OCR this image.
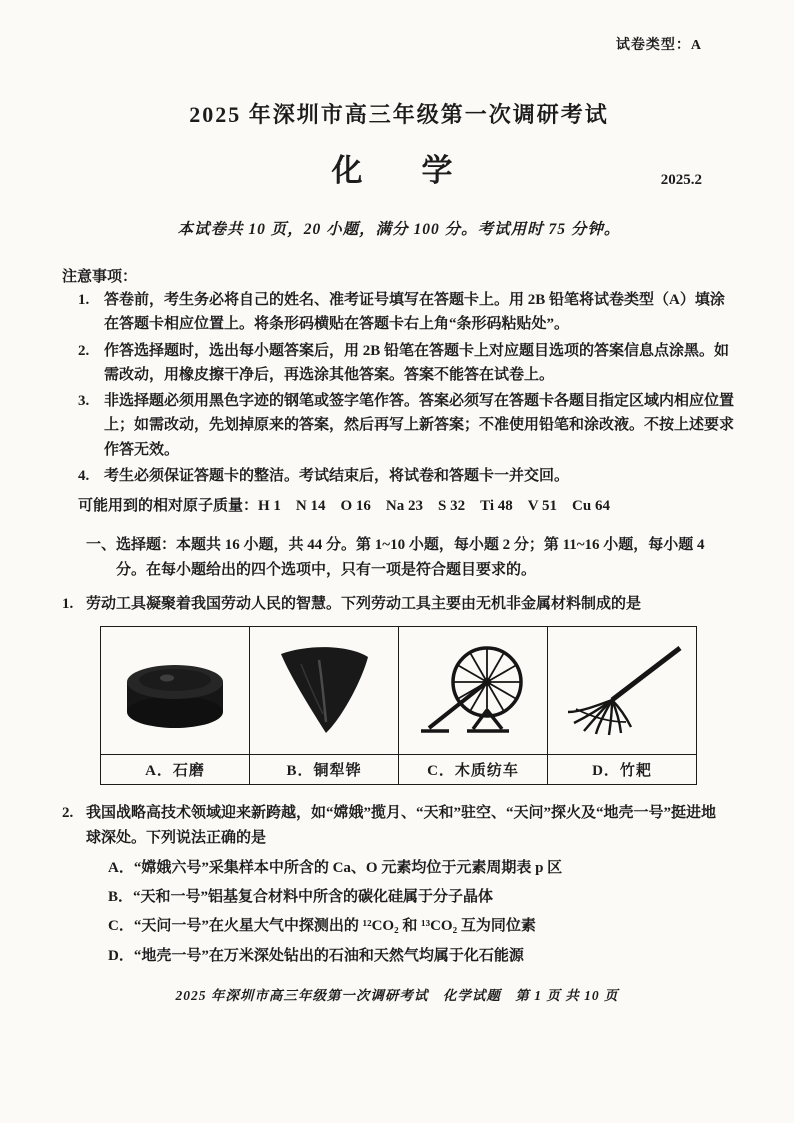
试卷类型：A
2025 年深圳市高三年级第一次调研考试
化　学	2025.2
本试卷共 10 页，20 小题，满分 100 分。考试用时 75 分钟。
注意事项：
1. 答卷前，考生务必将自己的姓名、准考证号填写在答题卡上。用 2B 铅笔将试卷类型（A）填涂在答题卡相应位置上。将条形码横贴在答题卡右上角“条形码粘贴处”。
2. 作答选择题时，选出每小题答案后，用 2B 铅笔在答题卡上对应题目选项的答案信息点涂黑。如需改动，用橡皮擦干净后，再选涂其他答案。答案不能答在试卷上。
3. 非选择题必须用黑色字迹的钢笔或签字笔作答。答案必须写在答题卡各题目指定区域内相应位置上；如需改动，先划掉原来的答案，然后再写上新答案；不准使用铅笔和涂改液。不按上述要求作答无效。
4. 考生必须保证答题卡的整洁。考试结束后，将试卷和答题卡一并交回。
可能用到的相对原子质量：H 1　N 14　O 16　Na 23　S 32　Ti 48　V 51　Cu 64
一、 选择题：本题共 16 小题，共 44 分。第 1~10 小题，每小题 2 分；第 11~16 小题，每小题 4 分。在每小题给出的四个选项中，只有一项是符合题目要求的。
1. 劳动工具凝聚着我国劳动人民的智慧。下列劳动工具主要由无机非金属材料制成的是

A．石磨	B．铜犁铧	C．木质纺车	D．竹耙
2. 我国战略高技术领域迎来新跨越，如“嫦娥”揽月、“天和”驻空、“天问”探火及“地壳一号”挺进地球深处。下列说法正确的是
A．“嫦娥六号”采集样本中所含的 Ca、O 元素均位于元素周期表 p 区
B．“天和一号”铝基复合材料中所含的碳化硅属于分子晶体
C．“天问一号”在火星大气中探测出的 ¹²CO₂ 和 ¹³CO₂ 互为同位素
D．“地壳一号”在万米深处钻出的石油和天然气均属于化石能源
2025 年深圳市高三年级第一次调研考试　化学试题　第 1 页 共 10 页
